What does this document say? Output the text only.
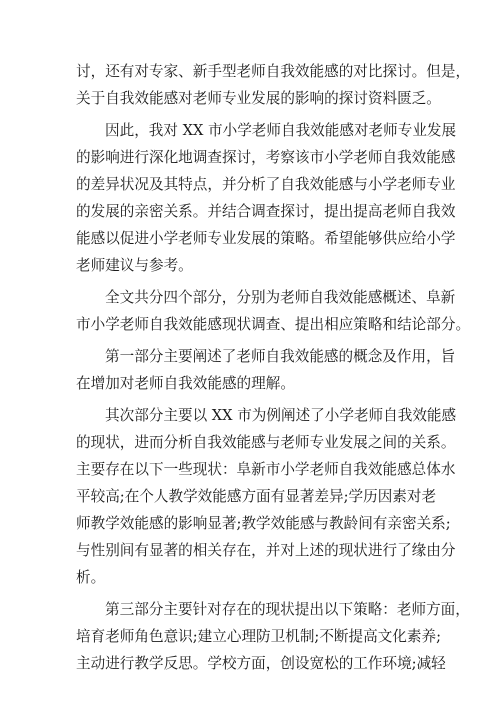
讨，还有对专家、新手型老师自我效能感的对比探讨。但是，
关于自我效能感对老师专业发展的影响的探讨资料匮乏。
因此，我对 XX 市小学老师自我效能感对老师专业发展
的影响进行深化地调查探讨，考察该市小学老师自我效能感
的差异状况及其特点，并分析了自我效能感与小学老师专业
的发展的亲密关系。并结合调查探讨，提出提高老师自我效
能感以促进小学老师专业发展的策略。希望能够供应给小学
老师建议与参考。
全文共分四个部分，分别为老师自我效能感概述、阜新
市小学老师自我效能感现状调查、提出相应策略和结论部分。
第一部分主要阐述了老师自我效能感的概念及作用，旨
在增加对老师自我效能感的理解。
其次部分主要以 XX 市为例阐述了小学老师自我效能感
的现状，进而分析自我效能感与老师专业发展之间的关系。
主要存在以下一些现状：阜新市小学老师自我效能感总体水
平较高;在个人教学效能感方面有显著差异;学历因素对老
师教学效能感的影响显著;教学效能感与教龄间有亲密关系;
与性别间有显著的相关存在，并对上述的现状进行了缘由分
析。
第三部分主要针对存在的现状提出以下策略：老师方面，
培育老师角色意识;建立心理防卫机制;不断提高文化素养;
主动进行教学反思。学校方面，创设宽松的工作环境;减轻
